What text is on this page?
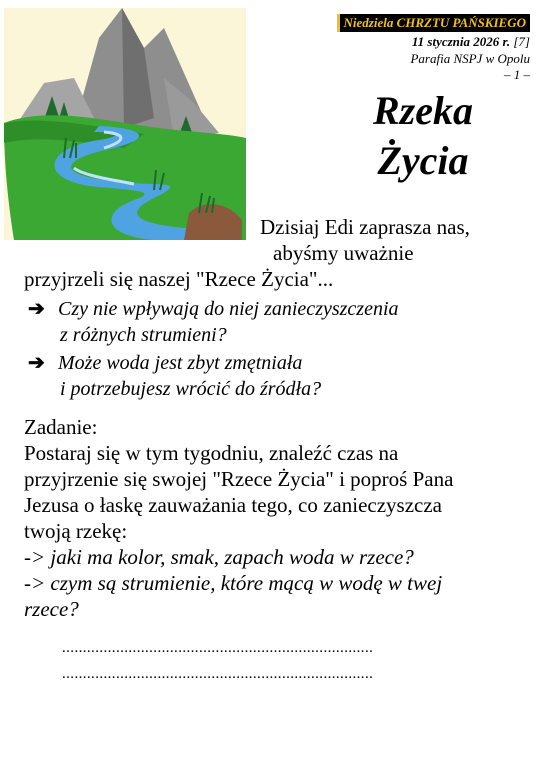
Niedziela CHRZTU PAŃSKIEGO
11 stycznia 2026 r. [7]
Parafia NSPJ w Opolu
– 1 –
Rzeka
Życia
Dzisiaj Edi zaprasza nas,
abyśmy uważnie
przyjrzeli się naszej "Rzece Życia"...
➔ Czy nie wpływają do niej zanieczyszczenia
z różnych strumieni?
➔ Może woda jest zbyt zmętniała
i potrzebujesz wrócić do źródła?

Zadanie:

Postaraj się w tym tygodniu, znaleźć czas na

przyjrzenie się swojej "Rzece Życia" i poproś Pana

Jezusa o łaskę zauważania tego, co zanieczyszcza

twoją rzekę:

-> jaki ma kolor, smak, zapach woda w rzece?

-> czym są strumienie, które mącą w wodę w twej

rzece?

...........................................................................
...........................................................................
